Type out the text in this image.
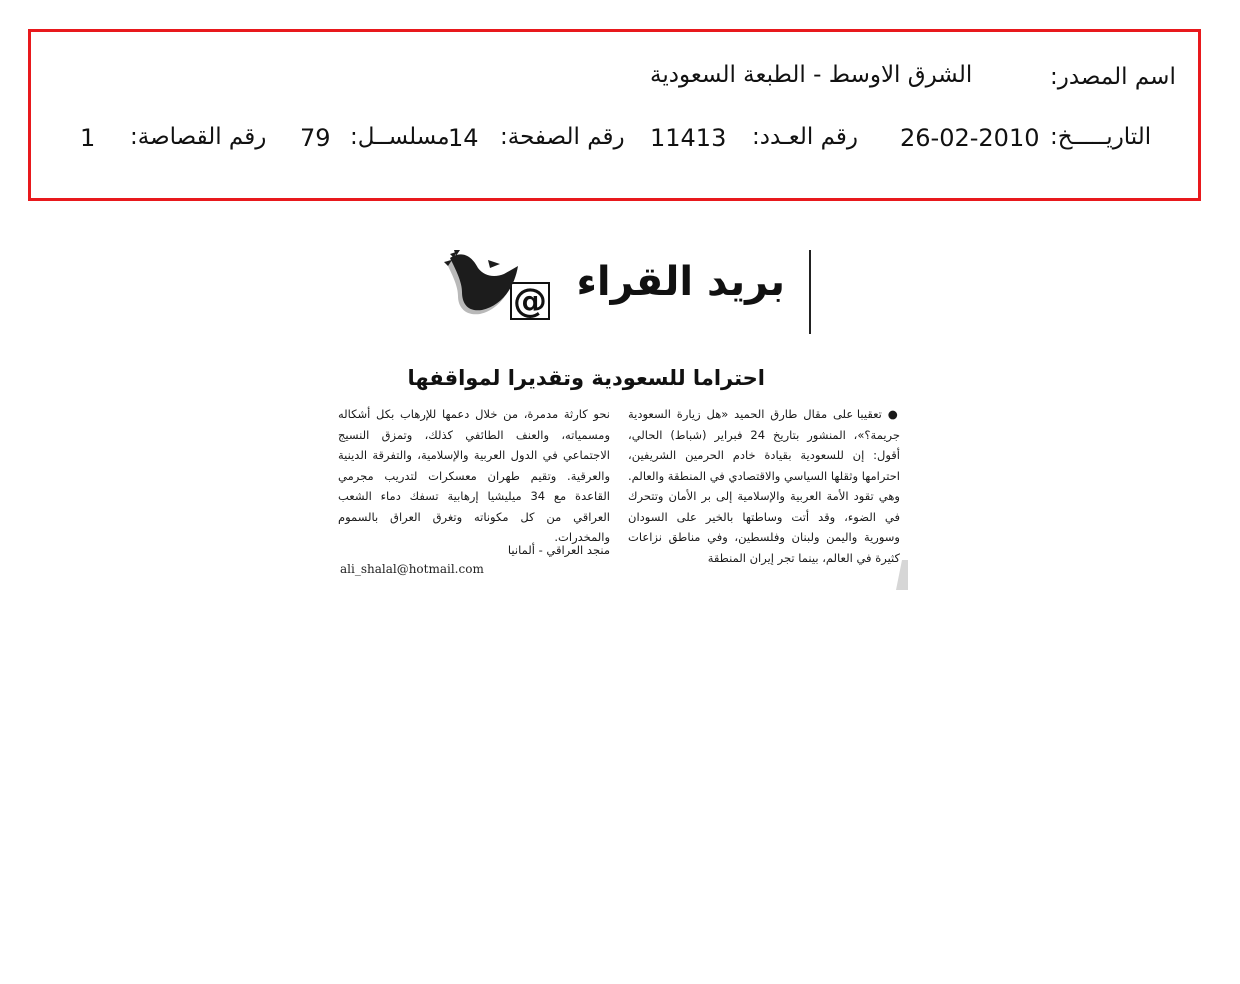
اسم المصدر:
الشرق الاوسط - الطبعة السعودية
التاريـــــخ:
26-02-2010
رقم العـدد:
11413
رقم الصفحة:
14
مسلســل:
79
رقم القصاصة:
1
بريد القراء
@
احتراما للسعودية وتقديرا لمواقفها

● تعقيبا على مقال طارق الحميد «هل زيارة السعودية جريمة؟»، المنشور بتاريخ 24 فبراير (شباط) الحالي، أقول: إن للسعودية بقيادة خادم الحرمين الشريفين، احترامها وثقلها السياسي والاقتصادي في المنطقة والعالم. وهي تقود الأمة العربية والإسلامية إلى بر الأمان وتتحرك في الضوء، وقد أتت وساطتها بالخير على السودان وسورية واليمن ولبنان وفلسطين، وفي مناطق نزاعات كثيرة في العالم، بينما تجر إيران المنطقة

نحو كارثة مدمرة، من خلال دعمها للإرهاب بكل أشكاله ومسمياته، والعنف الطائفي كذلك، وتمزق النسيج الاجتماعي في الدول العربية والإسلامية، والتفرقة الدينية والعرقية. وتقيم طهران معسكرات لتدريب مجرمي القاعدة مع 34 ميليشيا إرهابية تسفك دماء الشعب العراقي من كل مكوناته وتغرق العراق بالسموم والمخدرات.

منجد العراقي - ألمانيا
ali_shalal@hotmail.com
